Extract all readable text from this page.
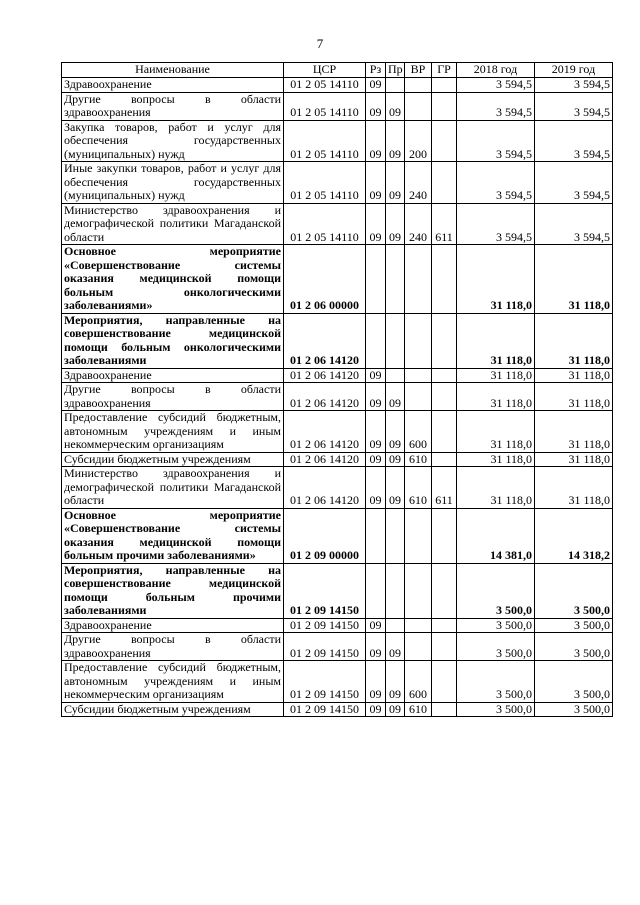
7
Наименование	ЦСР	Рз	Пр	ВР	ГР	2018 год	2019 год
Здравоохранение	01 2 05 14110	09				3 594,5	3 594,5
Другие вопросы в области здравоохранения	01 2 05 14110	09	09			3 594,5	3 594,5
Закупка товаров, работ и услуг для обеспечения государственных (муниципальных) нужд	01 2 05 14110	09	09	200		3 594,5	3 594,5
Иные закупки товаров, работ и услуг для обеспечения государственных (муниципальных) нужд	01 2 05 14110	09	09	240		3 594,5	3 594,5
Министерство здравоохранения и демографической политики Магаданской области	01 2 05 14110	09	09	240	611	3 594,5	3 594,5
Основное мероприятие «Совершенствование системы оказания медицинской помощи больным онкологическими заболеваниями»	01 2 06 00000					31 118,0	31 118,0
Мероприятия, направленные на совершенствование медицинской помощи больным онкологическими заболеваниями	01 2 06 14120					31 118,0	31 118,0
Здравоохранение	01 2 06 14120	09				31 118,0	31 118,0
Другие вопросы в области здравоохранения	01 2 06 14120	09	09			31 118,0	31 118,0
Предоставление субсидий бюджетным, автономным учреждениям и иным некоммерческим организациям	01 2 06 14120	09	09	600		31 118,0	31 118,0
Субсидии бюджетным учреждениям	01 2 06 14120	09	09	610		31 118,0	31 118,0
Министерство здравоохранения и демографической политики Магаданской области	01 2 06 14120	09	09	610	611	31 118,0	31 118,0
Основное мероприятие «Совершенствование системы оказания медицинской помощи больным прочими заболеваниями»	01 2 09 00000					14 381,0	14 318,2
Мероприятия, направленные на совершенствование медицинской помощи больным прочими заболеваниями	01 2 09 14150					3 500,0	3 500,0
Здравоохранение	01 2 09 14150	09				3 500,0	3 500,0
Другие вопросы в области здравоохранения	01 2 09 14150	09	09			3 500,0	3 500,0
Предоставление субсидий бюджетным, автономным учреждениям и иным некоммерческим организациям	01 2 09 14150	09	09	600		3 500,0	3 500,0
Субсидии бюджетным учреждениям	01 2 09 14150	09	09	610		3 500,0	3 500,0
